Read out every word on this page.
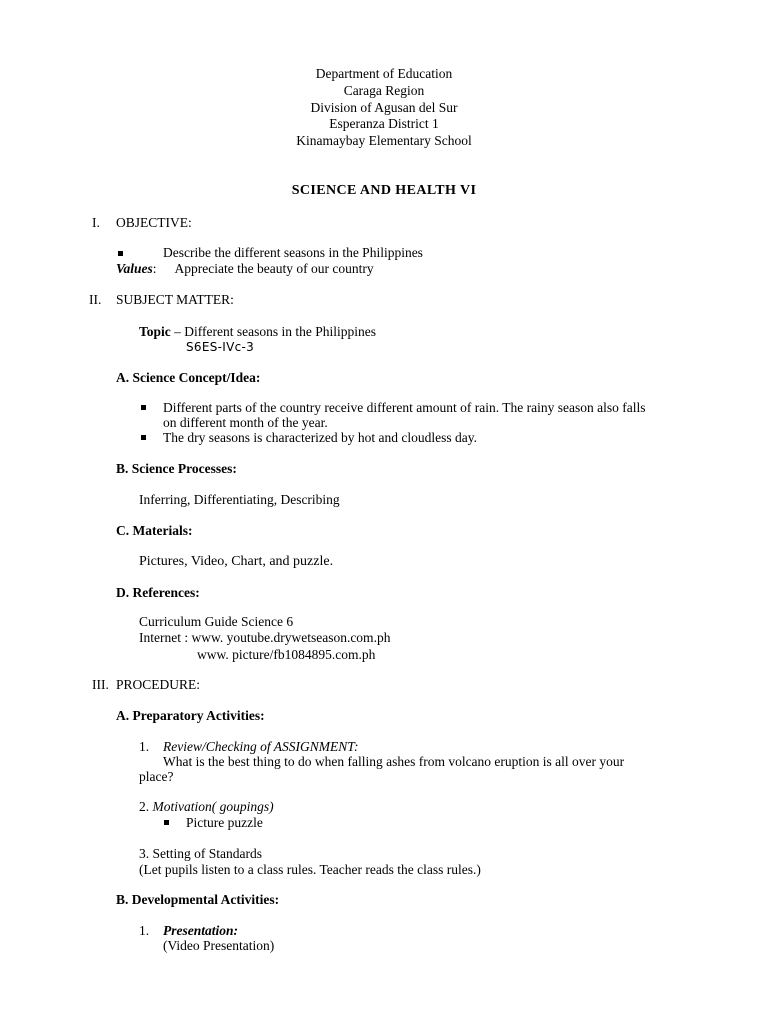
Department of Education
Caraga Region
Division of Agusan del Sur
Esperanza District 1
Kinamaybay Elementary School
SCIENCE AND HEALTH VI
I. OBJECTIVE:
Describe the different seasons in the Philippines
Values: Appreciate the beauty of our country
II. SUBJECT MATTER:
Topic – Different seasons in the Philippines
S6ES-IVc-3
A. Science Concept/Idea:
Different parts of the country receive different amount of rain. The rainy season also falls
on different month of the year.
The dry seasons is characterized by hot and cloudless day.
B. Science Processes:
Inferring, Differentiating, Describing
C. Materials:
Pictures, Video, Chart, and puzzle.
D. References:
Curriculum Guide Science 6
Internet : www. youtube.drywetseason.com.ph
www. picture/fb1084895.com.ph
III. PROCEDURE:
A. Preparatory Activities:
1. Review/Checking of ASSIGNMENT:
What is the best thing to do when falling ashes from volcano eruption is all over your
place?
2. Motivation( goupings)
Picture puzzle
3. Setting of Standards
(Let pupils listen to a class rules. Teacher reads the class rules.)
B. Developmental Activities:
1. Presentation:
(Video Presentation)
